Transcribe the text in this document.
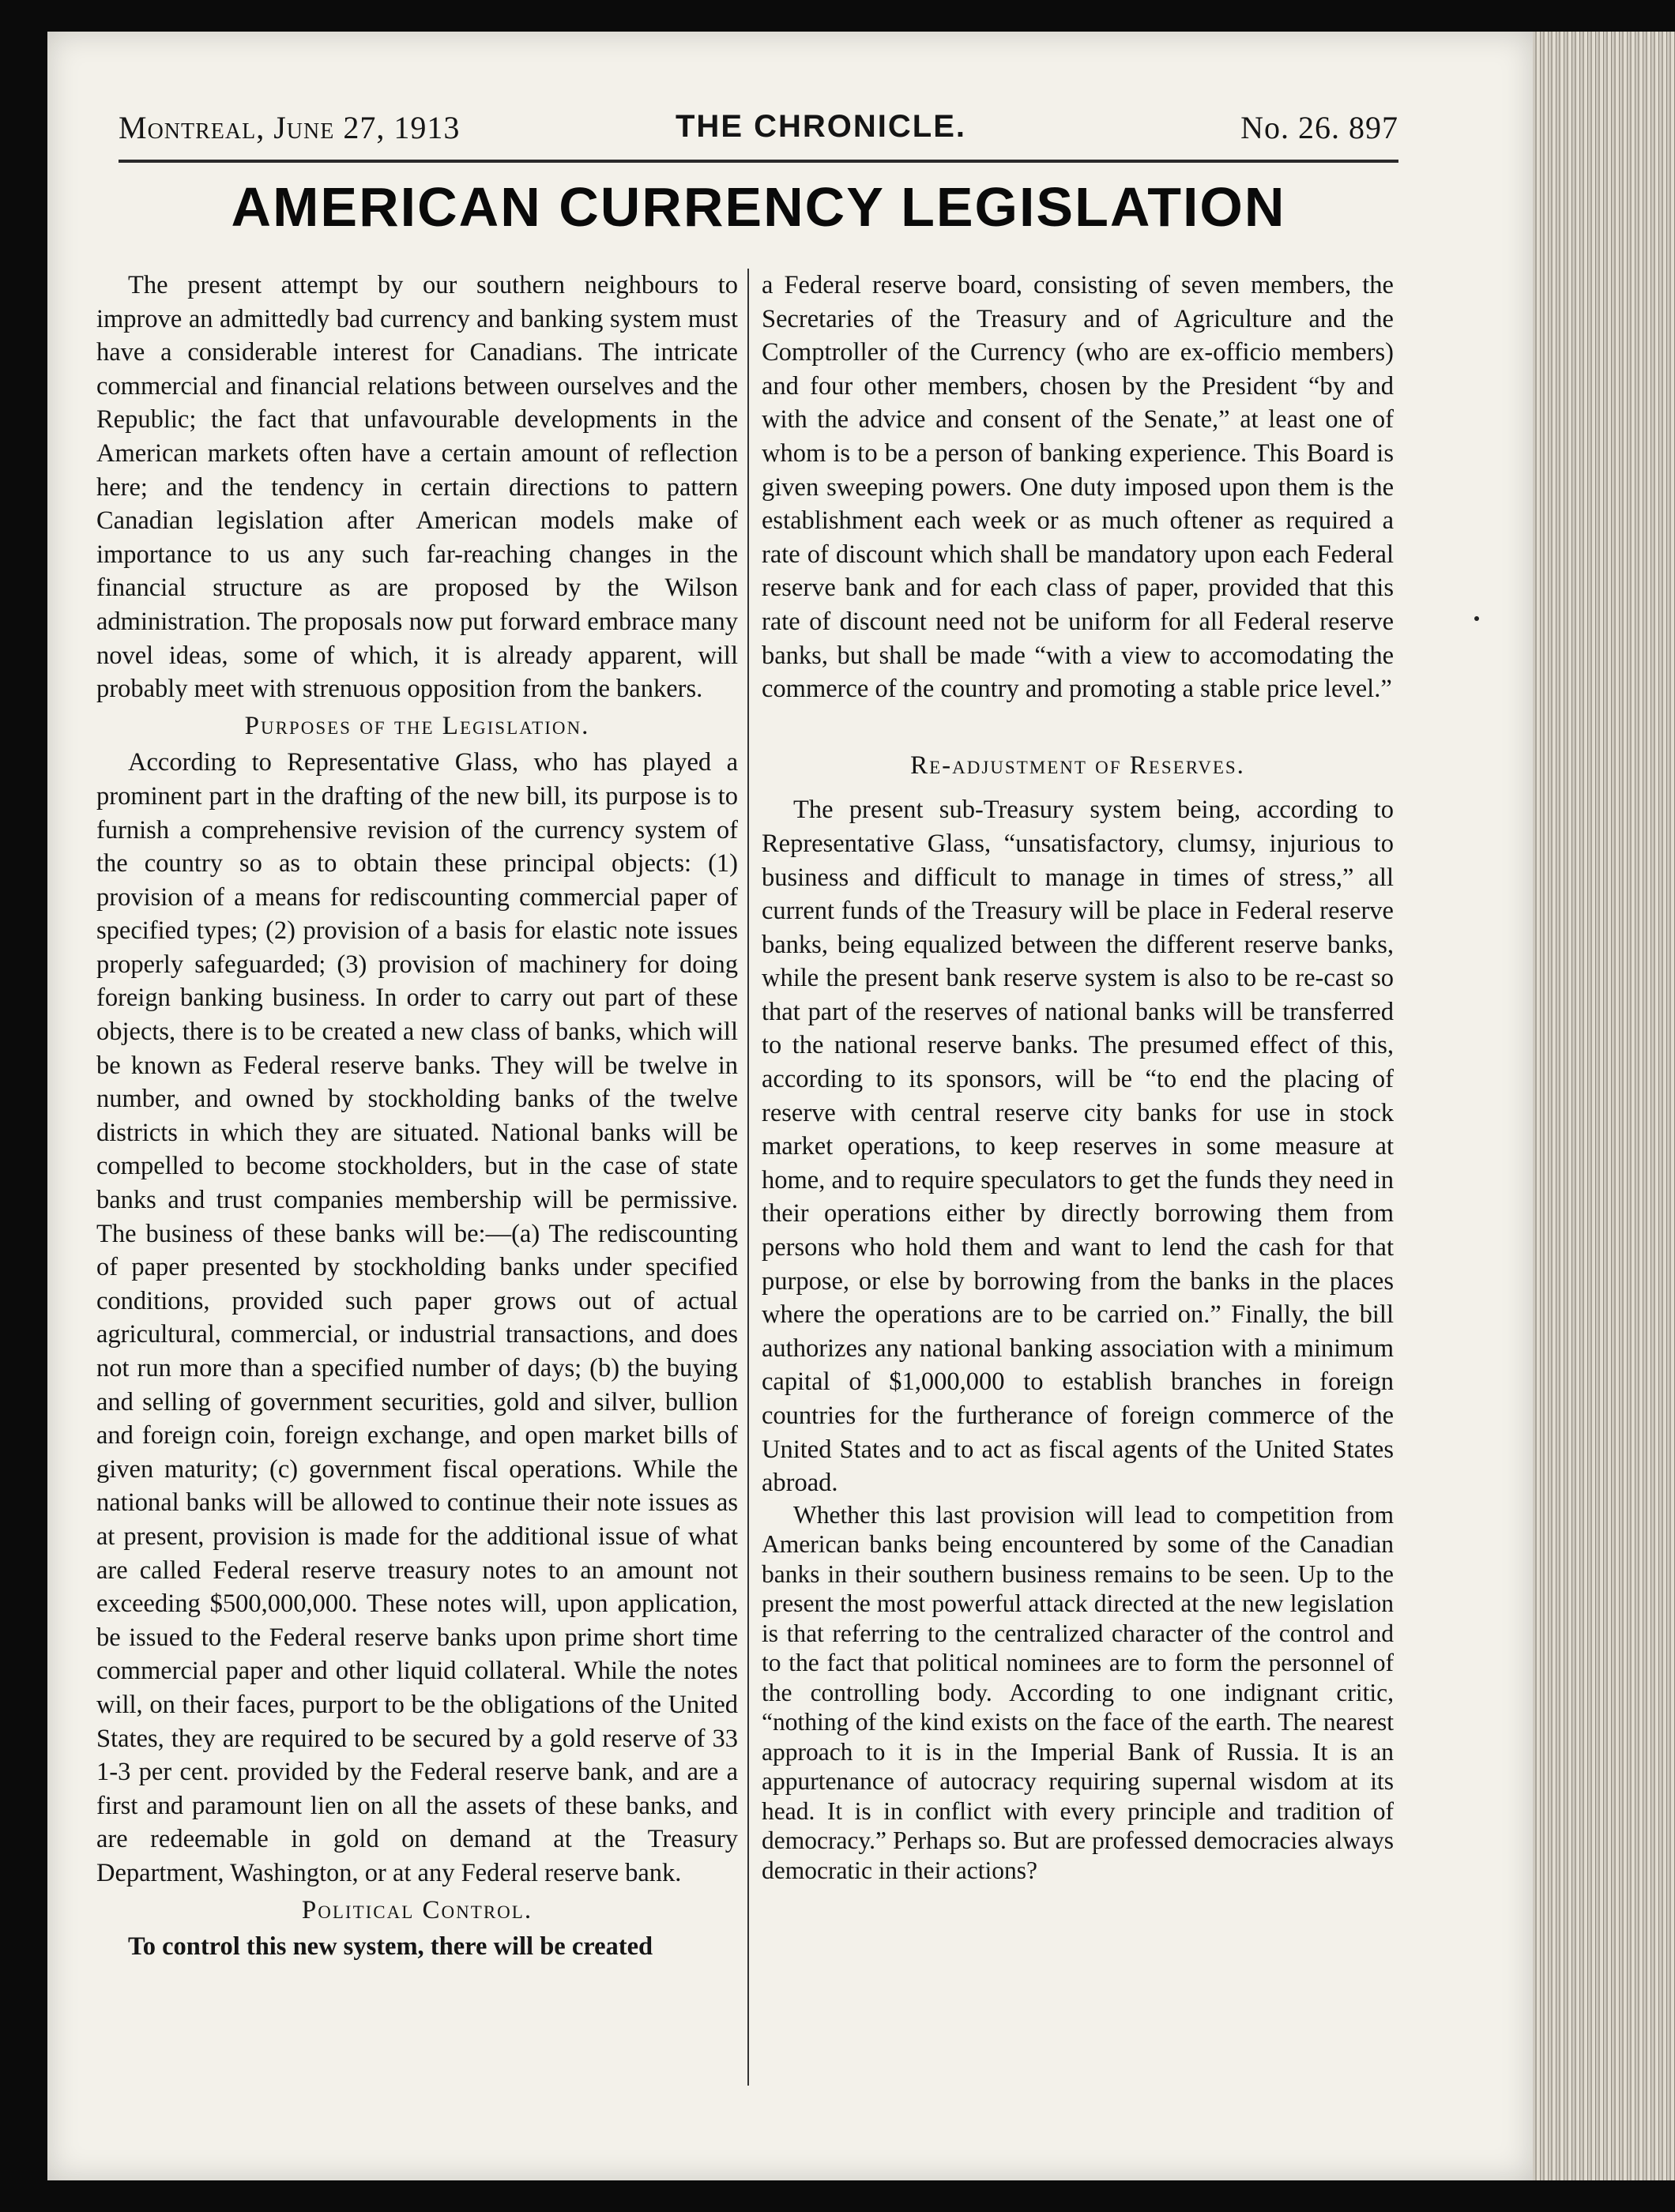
Montreal, June 27, 1913	THE CHRONICLE.	No. 26. 897
AMERICAN CURRENCY LEGISLATION

The present attempt by our southern neighbours to improve an admittedly bad currency and banking system must have a considerable interest for Canadians. The intricate commercial and financial relations between ourselves and the Republic; the fact that unfavourable developments in the American markets often have a certain amount of reflection here; and the tendency in certain directions to pattern Canadian legislation after American models make of importance to us any such far-reaching changes in the financial structure as are proposed by the Wilson administration. The proposals now put forward embrace many novel ideas, some of which, it is already apparent, will probably meet with strenuous opposition from the bankers.

Purposes of the Legislation.

According to Representative Glass, who has played a prominent part in the drafting of the new bill, its purpose is to furnish a comprehensive revision of the currency system of the country so as to obtain these principal objects: (1) provision of a means for rediscounting commercial paper of specified types; (2) provision of a basis for elastic note issues properly safeguarded; (3) provision of machinery for doing foreign banking business. In order to carry out part of these objects, there is to be created a new class of banks, which will be known as Federal reserve banks. They will be twelve in number, and owned by stockholding banks of the twelve districts in which they are situated. National banks will be compelled to become stockholders, but in the case of state banks and trust companies membership will be permissive. The business of these banks will be:—(a) The rediscounting of paper presented by stockholding banks under specified conditions, provided such paper grows out of actual agricultural, commercial, or industrial transactions, and does not run more than a specified number of days; (b) the buying and selling of government securities, gold and silver, bullion and foreign coin, foreign exchange, and open market bills of given maturity; (c) government fiscal operations. While the national banks will be allowed to continue their note issues as at present, provision is made for the additional issue of what are called Federal reserve treasury notes to an amount not exceeding $500,000,000. These notes will, upon application, be issued to the Federal reserve banks upon prime short time commercial paper and other liquid collateral. While the notes will, on their faces, purport to be the obligations of the United States, they are required to be secured by a gold reserve of 33 1-3 per cent. provided by the Federal reserve bank, and are a first and paramount lien on all the assets of these banks, and are redeemable in gold on demand at the Treasury Department, Washington, or at any Federal reserve bank.

Political Control.

To control this new system, there will be created

a Federal reserve board, consisting of seven members, the Secretaries of the Treasury and of Agriculture and the Comptroller of the Currency (who are ex-officio members) and four other members, chosen by the President “by and with the advice and consent of the Senate,” at least one of whom is to be a person of banking experience. This Board is given sweeping powers. One duty imposed upon them is the establishment each week or as much oftener as required a rate of discount which shall be mandatory upon each Federal reserve bank and for each class of paper, provided that this rate of discount need not be uniform for all Federal reserve banks, but shall be made “with a view to accomodating the commerce of the country and promoting a stable price level.”

Re-adjustment of Reserves.

The present sub-Treasury system being, according to Representative Glass, “unsatisfactory, clumsy, injurious to business and difficult to manage in times of stress,” all current funds of the Treasury will be place in Federal reserve banks, being equalized between the different reserve banks, while the present bank reserve system is also to be re-cast so that part of the reserves of national banks will be transferred to the national reserve banks. The presumed effect of this, according to its sponsors, will be “to end the placing of reserve with central reserve city banks for use in stock market operations, to keep reserves in some measure at home, and to require speculators to get the funds they need in their operations either by directly borrowing them from persons who hold them and want to lend the cash for that purpose, or else by borrowing from the banks in the places where the operations are to be carried on.” Finally, the bill authorizes any national banking association with a minimum capital of $1,000,000 to establish branches in foreign countries for the furtherance of foreign commerce of the United States and to act as fiscal agents of the United States abroad.

Whether this last provision will lead to competition from American banks being encountered by some of the Canadian banks in their southern business remains to be seen. Up to the present the most powerful attack directed at the new legislation is that referring to the centralized character of the control and to the fact that political nominees are to form the personnel of the controlling body. According to one indignant critic, “nothing of the kind exists on the face of the earth. The nearest approach to it is in the Imperial Bank of Russia. It is an appurtenance of autocracy requiring supernal wisdom at its head. It is in conflict with every principle and tradition of democracy.” Perhaps so. But are professed democracies always democratic in their actions?
